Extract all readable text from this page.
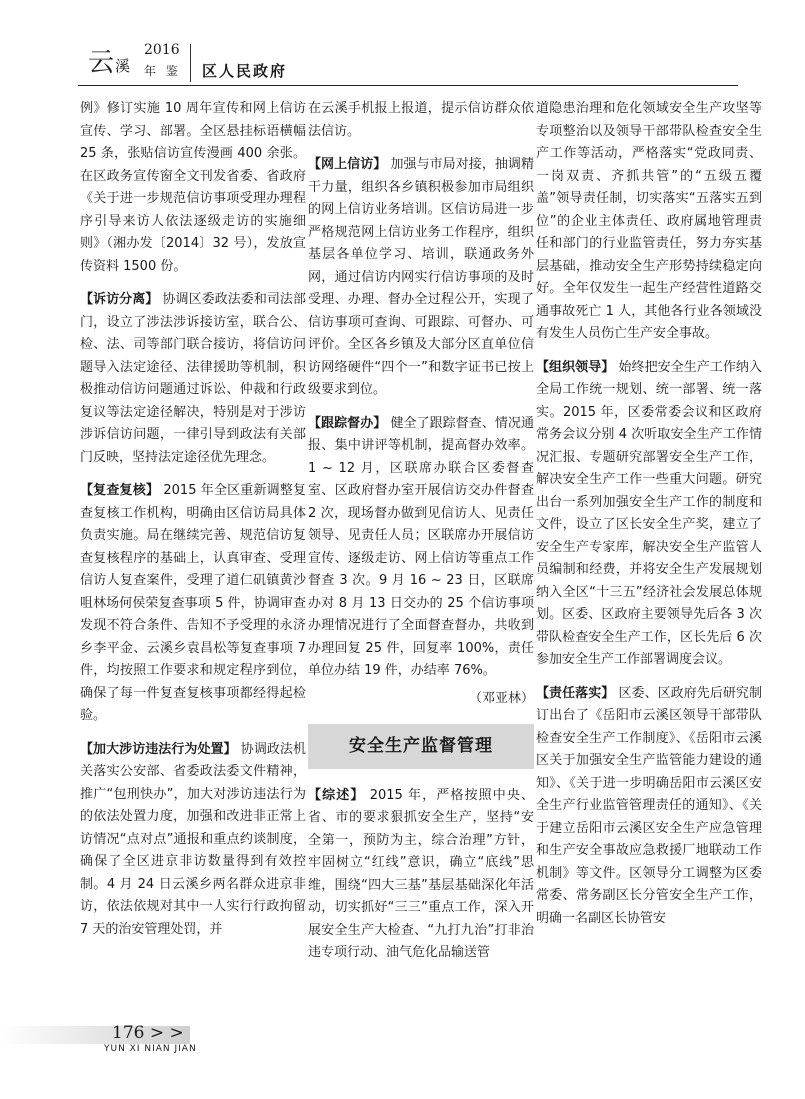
云溪
2016
年 鉴 区人民政府

例》修订实施 10 周年宣传和网上信访宣传、学习、部署。全区悬挂标语横幅 25 条，张贴信访宣传漫画 400 余张。在区政务宣传窗全文刊发省委、省政府《关于进一步规范信访事项受理办理程序引导来访人依法逐级走访的实施细则》（湘办发〔2014〕32 号），发放宣传资料 1500 份。

【诉访分离】 协调区委政法委和司法部门，设立了涉法涉诉接访室，联合公、检、法、司等部门联合接访，将信访问题导入法定途径、法律援助等机制，积极推动信访问题通过诉讼、仲裁和行政复议等法定途径解决，特别是对于涉访涉诉信访问题，一律引导到政法有关部门反映，坚持法定途径优先理念。

【复查复核】 2015 年全区重新调整复查复核工作机构，明确由区信访局具体负责实施。局在继续完善、规范信访复查复核程序的基础上，认真审查、受理信访人复查案件，受理了道仁矶镇黄沙咀林场何侯荣复查事项 5 件，协调审查发现不符合条件、告知不予受理的永济乡李平金、云溪乡袁昌松等复查事项 7 件，均按照工作要求和规定程序到位，确保了每一件复查复核事项都经得起检验。

【加大涉访违法行为处置】 协调政法机关落实公安部、省委政法委文件精神，推广“包刑快办”，加大对涉访违法行为的依法处置力度，加强和改进非正常上访情况“点对点”通报和重点约谈制度，确保了全区进京非访数量得到有效控制。4 月 24 日云溪乡两名群众进京非访，依法依规对其中一人实行行政拘留 7 天的治安管理处罚，并

在云溪手机报上报道，提示信访群众依法信访。

【网上信访】 加强与市局对接，抽调精干力量，组织各乡镇积极参加市局组织的网上信访业务培训。区信访局进一步严格规范网上信访业务工作程序，组织基层各单位学习、培训，联通政务外网，通过信访内网实行信访事项的及时受理、办理、督办全过程公开，实现了信访事项可查询、可跟踪、可督办、可评价。全区各乡镇及大部分区直单位信访网络硬件“四个一”和数字证书已按上级要求到位。

【跟踪督办】 健全了跟踪督查、情况通报、集中讲评等机制，提高督办效率。1 ~ 12 月，区联席办联合区委督查室、区政府督办室开展信访交办件督查 2 次，现场督办做到见信访人、见责任领导、见责任人员；区联席办开展信访宣传、逐级走访、网上信访等重点工作督查 3 次。9 月 16 ~ 23 日，区联席办对 8 月 13 日交办的 25 个信访事项办理情况进行了全面督查督办，共收到办理回复 25 件，回复率 100%，责任单位办结 19 件，办结率 76%。

（邓亚林）
安全生产监督管理

【综述】 2015 年，严格按照中央、省、市的要求狠抓安全生产，坚持“安全第一，预防为主，综合治理”方针，牢固树立“红线”意识，确立“底线”思维，围绕“四大三基”基层基础深化年活动，切实抓好“三三”重点工作，深入开展安全生产大检查、“九打九治”打非治违专项行动、油气危化品输送管

道隐患治理和危化领域安全生产攻坚等专项整治以及领导干部带队检查安全生产工作等活动，严格落实“党政同责、一岗双责、齐抓共管”的“五级五覆盖”领导责任制，切实落实“五落实五到位”的企业主体责任、政府属地管理责任和部门的行业监管责任，努力夯实基层基础，推动安全生产形势持续稳定向好。全年仅发生一起生产经营性道路交通事故死亡 1 人，其他各行业各领域没有发生人员伤亡生产安全事故。

【组织领导】 始终把安全生产工作纳入全局工作统一规划、统一部署、统一落实。2015 年，区委常委会议和区政府常务会议分别 4 次听取安全生产工作情况汇报、专题研究部署安全生产工作，解决安全生产工作一些重大问题。研究出台一系列加强安全生产工作的制度和文件，设立了区长安全生产奖，建立了安全生产专家库，解决安全生产监管人员编制和经费，并将安全生产发展规划纳入全区“十三五”经济社会发展总体规划。区委、区政府主要领导先后各 3 次带队检查安全生产工作，区长先后 6 次参加安全生产工作部署调度会议。

【责任落实】 区委、区政府先后研究制订出台了《岳阳市云溪区领导干部带队检查安全生产工作制度》、《岳阳市云溪区关于加强安全生产监管能力建设的通知》、《关于进一步明确岳阳市云溪区安全生产行业监管管理责任的通知》、《关于建立岳阳市云溪区安全生产应急管理和生产安全事故应急救援厂地联动工作机制》等文件。区领导分工调整为区委常委、常务副区长分管安全生产工作，明确一名副区长协管安

176 > >
YUN XI NIAN JIAN
